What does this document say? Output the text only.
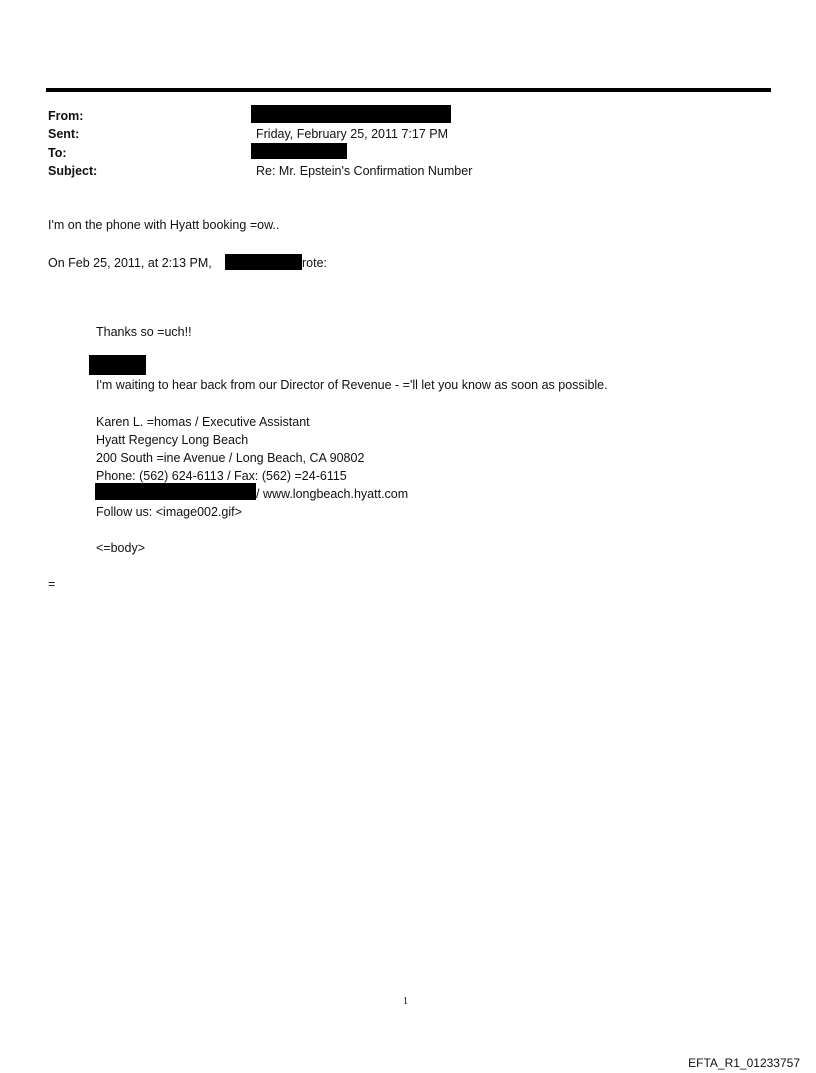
From:
Sent:	Friday, February 25, 2011 7:17 PM
To:
Subject:	Re: Mr. Epstein's Confirmation Number
I'm on the phone with Hyatt booking =ow..
On Feb 25, 2011, at 2:13 PM,	rote:
Thanks so =uch!!
I'm waiting to hear back from our Director of Revenue - ='ll let you know as soon as possible.
Karen L. =homas / Executive Assistant
Hyatt Regency Long Beach
200 South =ine Avenue / Long Beach, CA 90802
Phone: (562) 624-6113 / Fax: (562) =24-6115
/ www.longbeach.hyatt.com
Follow us: <image002.gif>
<=body>
=
1
EFTA_R1_01233757
